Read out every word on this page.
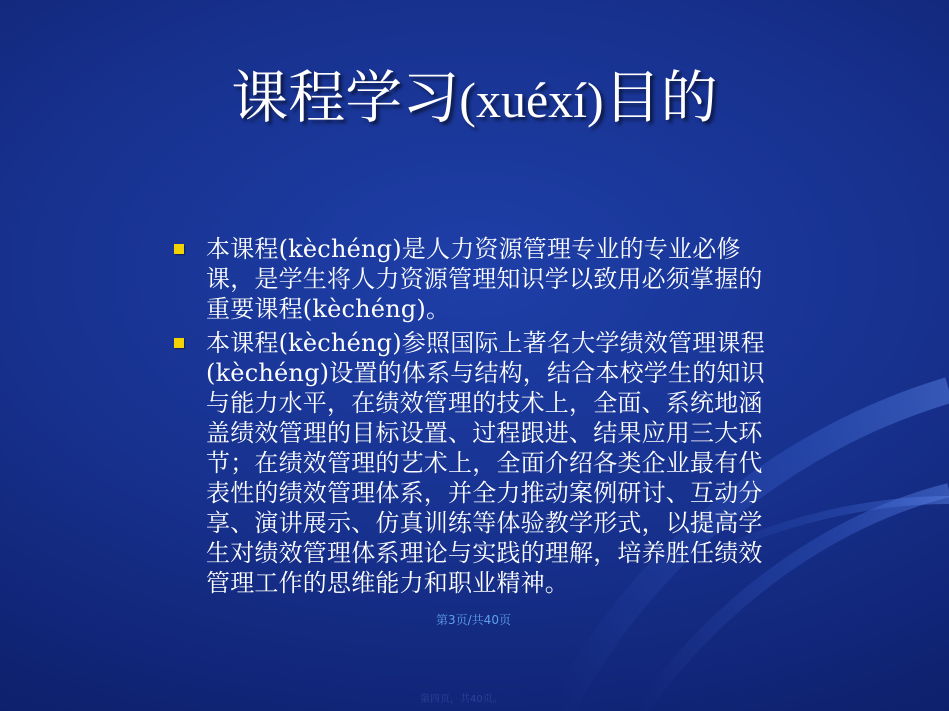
课程学习(xuéxí)目的
本课程(kèchéng)是人力资源管理专业的专业必修课，是学生将人力资源管理知识学以致用必须掌握的重要课程(kèchéng)。
本课程(kèchéng)参照国际上著名大学绩效管理课程(kèchéng)设置的体系与结构，结合本校学生的知识与能力水平，在绩效管理的技术上，全面、系统地涵盖绩效管理的目标设置、过程跟进、结果应用三大环节；在绩效管理的艺术上，全面介绍各类企业最有代表性的绩效管理体系，并全力推动案例研讨、互动分享、演讲展示、仿真训练等体验教学形式，以提高学生对绩效管理体系理论与实践的理解，培养胜任绩效管理工作的思维能力和职业精神。
第3页/共40页
第四页，共40页。
